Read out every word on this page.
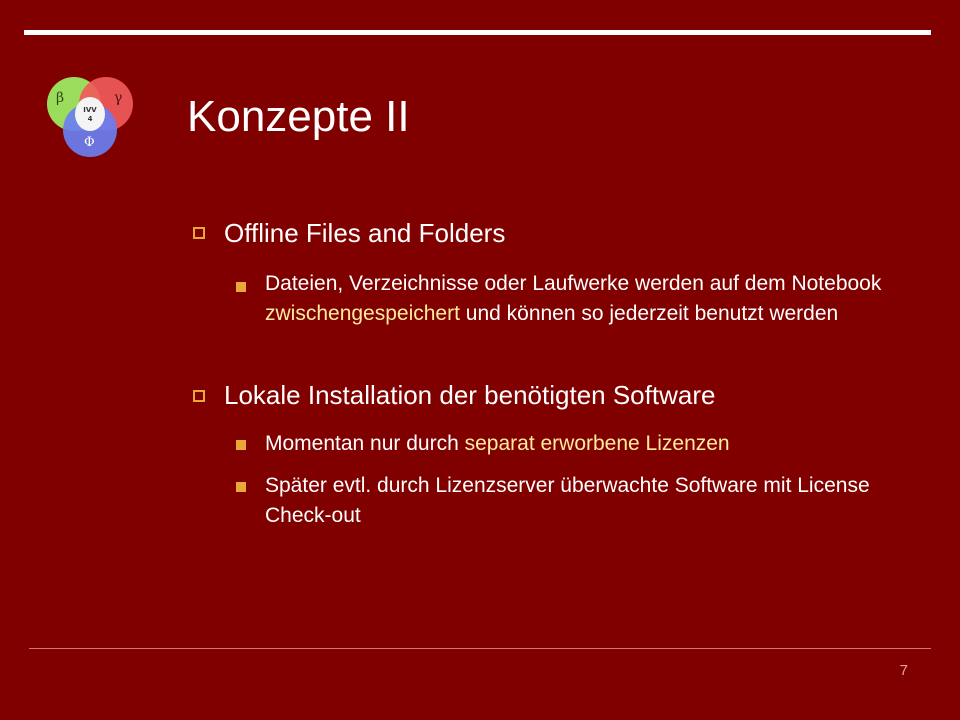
β	γ
Φ
IVV
4 Konzepte II
Offline Files and Folders
Dateien, Verzeichnisse oder Laufwerke werden auf dem Notebook zwischengespeichert und können so jederzeit benutzt werden
Lokale Installation der benötigten Software
Momentan nur durch separat erworbene Lizenzen
Später evtl. durch Lizenzserver überwachte Software mit License Check-out
7
